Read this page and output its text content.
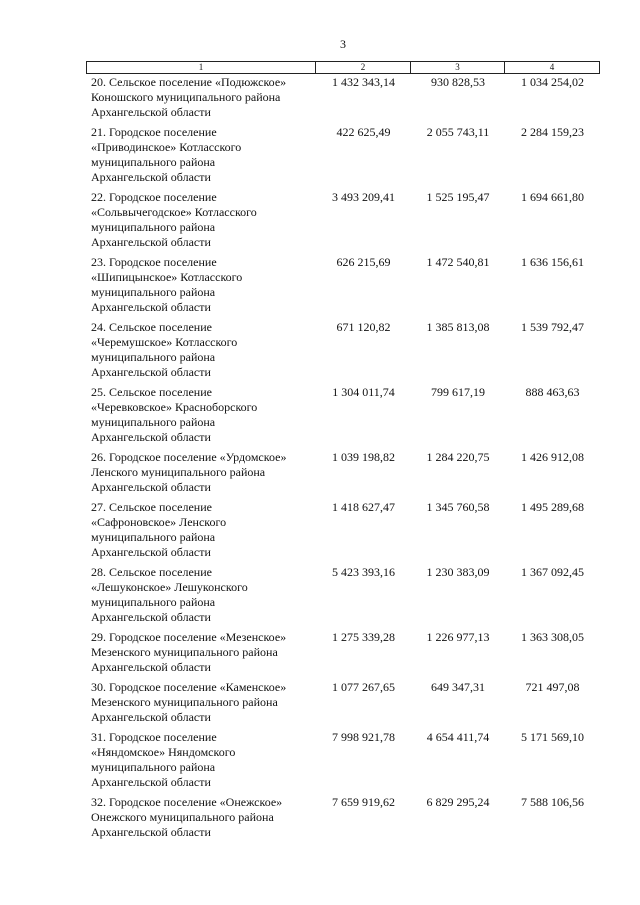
3
1	2	3	4
20. Сельское поселение «Подюжское»
Коношского муниципального района
Архангельской области
1 432 343,14	930 828,53	1 034 254,02
21. Городское поселение
«Приводинское» Котласского
муниципального района
Архангельской области
422 625,49	2 055 743,11	2 284 159,23
22. Городское поселение
«Сольвычегодское» Котласского
муниципального района
Архангельской области
3 493 209,41	1 525 195,47	1 694 661,80
23. Городское поселение
«Шипицынское» Котласского
муниципального района
Архангельской области
626 215,69	1 472 540,81	1 636 156,61
24. Сельское поселение
«Черемушское» Котласского
муниципального района
Архангельской области
671 120,82	1 385 813,08	1 539 792,47
25. Сельское поселение
«Черевковское» Красноборского
муниципального района
Архангельской области
1 304 011,74	799 617,19	888 463,63
26. Городское поселение «Урдомское»
Ленского муниципального района
Архангельской области
1 039 198,82	1 284 220,75	1 426 912,08
27. Сельское поселение
«Сафроновское» Ленского
муниципального района
Архангельской области
1 418 627,47	1 345 760,58	1 495 289,68
28. Сельское поселение
«Лешуконское» Лешуконского
муниципального района
Архангельской области
5 423 393,16	1 230 383,09	1 367 092,45
29. Городское поселение «Мезенское»
Мезенского муниципального района
Архангельской области
1 275 339,28	1 226 977,13	1 363 308,05
30. Городское поселение «Каменское»
Мезенского муниципального района
Архангельской области
1 077 267,65	649 347,31	721 497,08
31. Городское поселение
«Няндомское» Няндомского
муниципального района
Архангельской области
7 998 921,78	4 654 411,74	5 171 569,10
32. Городское поселение «Онежское»
Онежского муниципального района
Архангельской области
7 659 919,62	6 829 295,24	7 588 106,56
